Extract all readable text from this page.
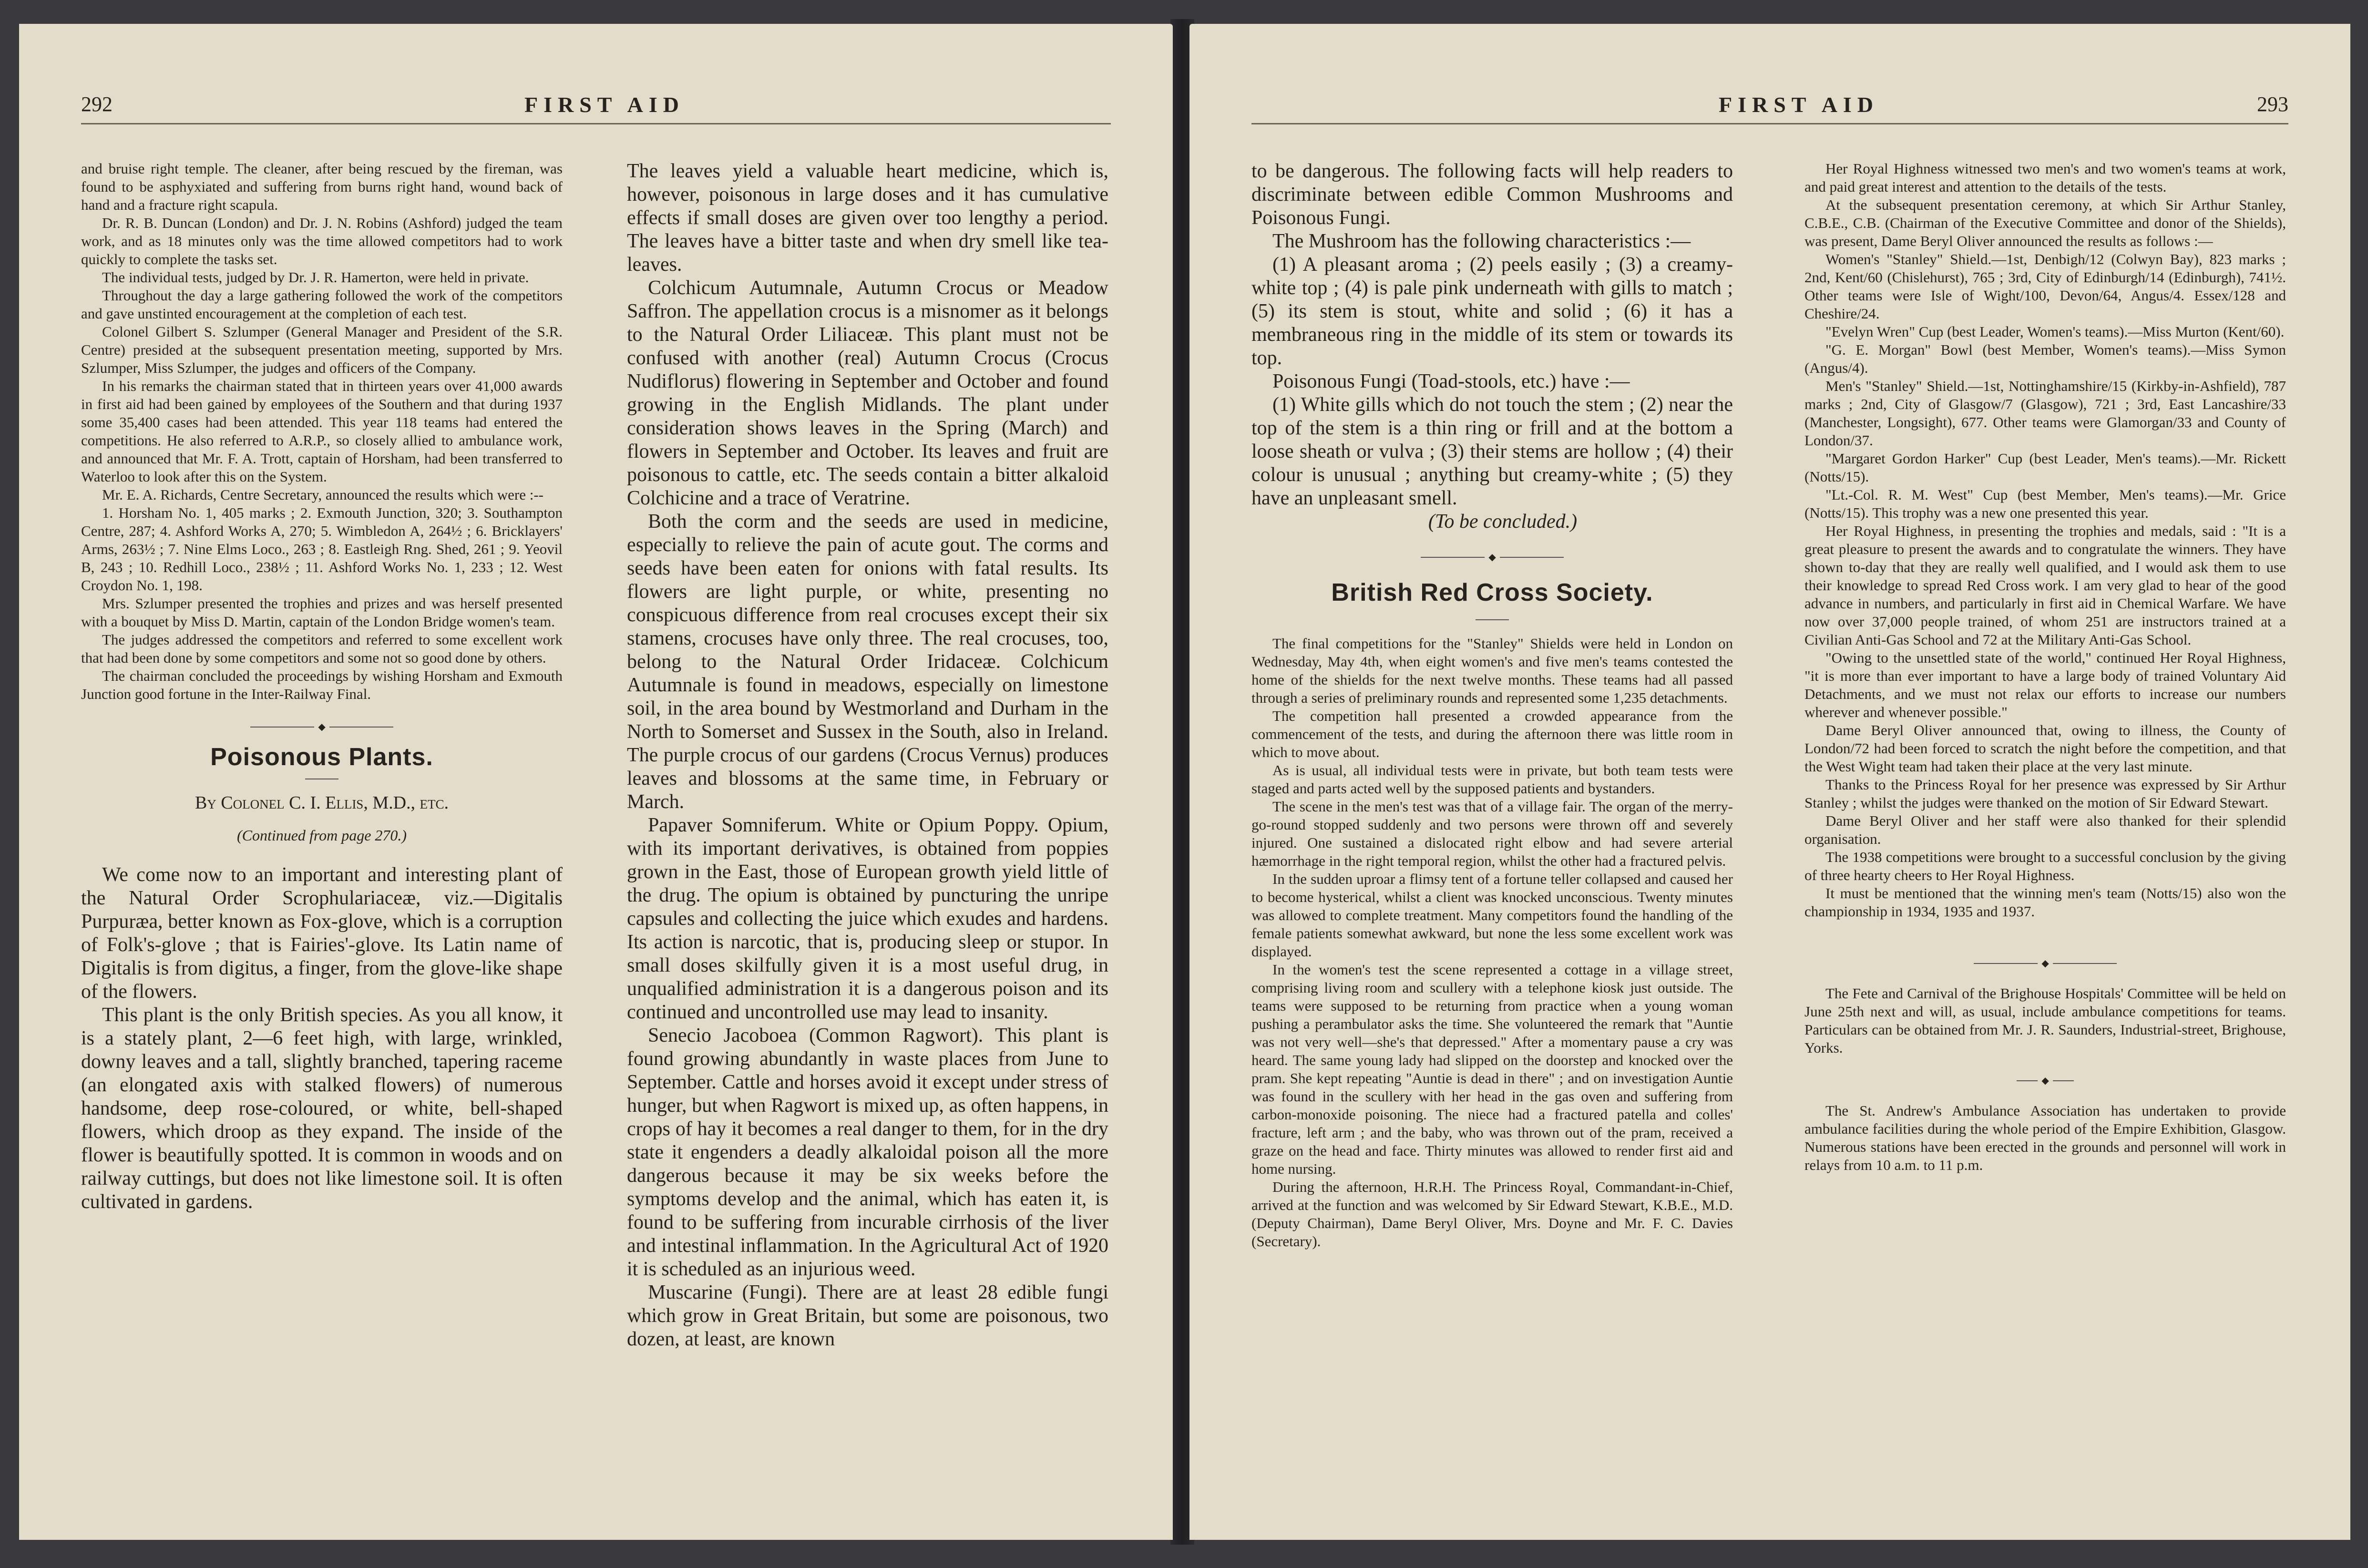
292	FIRST AID

and bruise right temple. The cleaner, after being rescued by the fireman, was found to be asphyxiated and suffering from burns right hand, wound back of hand and a fracture right scapula.

Dr. R. B. Duncan (London) and Dr. J. N. Robins (Ashford) judged the team work, and as 18 minutes only was the time allowed competitors had to work quickly to complete the tasks set.

The individual tests, judged by Dr. J. R. Hamerton, were held in private.

Throughout the day a large gathering followed the work of the competitors and gave unstinted encouragement at the completion of each test.

Colonel Gilbert S. Szlumper (General Manager and President of the S.R. Centre) presided at the subsequent presentation meeting, supported by Mrs. Szlumper, Miss Szlumper, the judges and officers of the Company.

In his remarks the chairman stated that in thirteen years over 41,000 awards in first aid had been gained by employees of the Southern and that during 1937 some 35,400 cases had been attended. This year 118 teams had entered the competitions. He also referred to A.R.P., so closely allied to ambulance work, and announced that Mr. F. A. Trott, captain of Horsham, had been transferred to Waterloo to look after this on the System.

Mr. E. A. Richards, Centre Secretary, announced the results which were :--

1. Horsham No. 1, 405 marks ; 2. Exmouth Junction, 320; 3. Southampton Centre, 287; 4. Ashford Works A, 270; 5. Wimbledon A, 264½ ; 6. Bricklayers' Arms, 263½ ; 7. Nine Elms Loco., 263 ; 8. Eastleigh Rng. Shed, 261 ; 9. Yeovil B, 243 ; 10. Redhill Loco., 238½ ; 11. Ashford Works No. 1, 233 ; 12. West Croydon No. 1, 198.

Mrs. Szlumper presented the trophies and prizes and was herself presented with a bouquet by Miss D. Martin, captain of the London Bridge women's team.

The judges addressed the competitors and referred to some excellent work that had been done by some competitors and some not so good done by others.

The chairman concluded the proceedings by wishing Horsham and Exmouth Junction good fortune in the Inter-Railway Final.

◆
Poisonous Plants.
By Colonel C. I. Ellis, M.D., etc.
(Continued from page 270.)

We come now to an important and interesting plant of the Natural Order Scrophulariaceæ, viz.—Digitalis Purpuræa, better known as Fox-glove, which is a corruption of Folk's-glove ; that is Fairies'-glove. Its Latin name of Digitalis is from digitus, a finger, from the glove-like shape of the flowers.

This plant is the only British species. As you all know, it is a stately plant, 2—6 feet high, with large, wrinkled, downy leaves and a tall, slightly branched, tapering raceme (an elongated axis with stalked flowers) of numerous handsome, deep rose-coloured, or white, bell-shaped flowers, which droop as they expand. The inside of the flower is beautifully spotted. It is common in woods and on railway cuttings, but does not like limestone soil. It is often cultivated in gardens.

The leaves yield a valuable heart medicine, which is, however, poisonous in large doses and it has cumulative effects if small doses are given over too lengthy a period. The leaves have a bitter taste and when dry smell like tea-leaves.

Colchicum Autumnale, Autumn Crocus or Meadow Saffron. The appellation crocus is a misnomer as it belongs to the Natural Order Liliaceæ. This plant must not be confused with another (real) Autumn Crocus (Crocus Nudiflorus) flowering in September and October and found growing in the English Midlands. The plant under consideration shows leaves in the Spring (March) and flowers in September and October. Its leaves and fruit are poisonous to cattle, etc. The seeds contain a bitter alkaloid Colchicine and a trace of Veratrine.

Both the corm and the seeds are used in medicine, especially to relieve the pain of acute gout. The corms and seeds have been eaten for onions with fatal results. Its flowers are light purple, or white, presenting no conspicuous difference from real crocuses except their six stamens, crocuses have only three. The real crocuses, too, belong to the Natural Order Iridaceæ. Colchicum Autumnale is found in meadows, especially on limestone soil, in the area bound by Westmorland and Durham in the North to Somerset and Sussex in the South, also in Ireland. The purple crocus of our gardens (Crocus Vernus) produces leaves and blossoms at the same time, in February or March.

Papaver Somniferum. White or Opium Poppy. Opium, with its important derivatives, is obtained from poppies grown in the East, those of European growth yield little of the drug. The opium is obtained by puncturing the unripe capsules and collecting the juice which exudes and hardens. Its action is narcotic, that is, producing sleep or stupor. In small doses skilfully given it is a most useful drug, in unqualified administration it is a dangerous poison and its continued and uncontrolled use may lead to insanity.

Senecio Jacoboea (Common Ragwort). This plant is found growing abundantly in waste places from June to September. Cattle and horses avoid it except under stress of hunger, but when Ragwort is mixed up, as often happens, in crops of hay it becomes a real danger to them, for in the dry state it engenders a deadly alkaloidal poison all the more dangerous because it may be six weeks before the symptoms develop and the animal, which has eaten it, is found to be suffering from incurable cirrhosis of the liver and intestinal inflammation. In the Agricultural Act of 1920 it is scheduled as an injurious weed.

Muscarine (Fungi). There are at least 28 edible fungi which grow in Great Britain, but some are poisonous, two dozen, at least, are known

FIRST AID	293

to be dangerous. The following facts will help readers to discriminate between edible Common Mushrooms and Poisonous Fungi.

The Mushroom has the following characteristics :—

(1) A pleasant aroma ; (2) peels easily ; (3) a creamy-white top ; (4) is pale pink underneath with gills to match ; (5) its stem is stout, white and solid ; (6) it has a membraneous ring in the middle of its stem or towards its top.

Poisonous Fungi (Toad-stools, etc.) have :—

(1) White gills which do not touch the stem ; (2) near the top of the stem is a thin ring or frill and at the bottom a loose sheath or vulva ; (3) their stems are hollow ; (4) their colour is unusual ; anything but creamy-white ; (5) they have an unpleasant smell.

(To be concluded.)

◆
British Red Cross Society.

The final competitions for the "Stanley" Shields were held in London on Wednesday, May 4th, when eight women's and five men's teams contested the home of the shields for the next twelve months. These teams had all passed through a series of preliminary rounds and represented some 1,235 detachments.

The competition hall presented a crowded appearance from the commencement of the tests, and during the afternoon there was little room in which to move about.

As is usual, all individual tests were in private, but both team tests were staged and parts acted well by the supposed patients and bystanders.

The scene in the men's test was that of a village fair. The organ of the merry-go-round stopped suddenly and two persons were thrown off and severely injured. One sustained a dislocated right elbow and had severe arterial hæmorrhage in the right temporal region, whilst the other had a fractured pelvis.

In the sudden uproar a flimsy tent of a fortune teller collapsed and caused her to become hysterical, whilst a client was knocked unconscious. Twenty minutes was allowed to complete treatment. Many competitors found the handling of the female patients somewhat awkward, but none the less some excellent work was displayed.

In the women's test the scene represented a cottage in a village street, comprising living room and scullery with a telephone kiosk just outside. The teams were supposed to be returning from practice when a young woman pushing a perambulator asks the time. She volunteered the remark that "Auntie was not very well—she's that depressed." After a momentary pause a cry was heard. The same young lady had slipped on the doorstep and knocked over the pram. She kept repeating "Auntie is dead in there" ; and on investigation Auntie was found in the scullery with her head in the gas oven and suffering from carbon-monoxide poisoning. The niece had a fractured patella and colles' fracture, left arm ; and the baby, who was thrown out of the pram, received a graze on the head and face. Thirty minutes was allowed to render first aid and home nursing.

During the afternoon, H.R.H. The Princess Royal, Commandant-in-Chief, arrived at the function and was welcomed by Sir Edward Stewart, K.B.E., M.D. (Deputy Chairman), Dame Beryl Oliver, Mrs. Doyne and Mr. F. C. Davies (Secretary).

Her Royal Highness witnessed two men's and two women's teams at work, and paid great interest and attention to the details of the tests.

At the subsequent presentation ceremony, at which Sir Arthur Stanley, C.B.E., C.B. (Chairman of the Executive Committee and donor of the Shields), was present, Dame Beryl Oliver announced the results as follows :—

Women's "Stanley" Shield.—1st, Denbigh/12 (Colwyn Bay), 823 marks ; 2nd, Kent/60 (Chislehurst), 765 ; 3rd, City of Edinburgh/14 (Edinburgh), 741½. Other teams were Isle of Wight/100, Devon/64, Angus/4. Essex/128 and Cheshire/24.

"Evelyn Wren" Cup (best Leader, Women's teams).—Miss Murton (Kent/60).

"G. E. Morgan" Bowl (best Member, Women's teams).—Miss Symon (Angus/4).

Men's "Stanley" Shield.—1st, Nottinghamshire/15 (Kirkby-in-Ashfield), 787 marks ; 2nd, City of Glasgow/7 (Glasgow), 721 ; 3rd, East Lancashire/33 (Manchester, Longsight), 677. Other teams were Glamorgan/33 and County of London/37.

"Margaret Gordon Harker" Cup (best Leader, Men's teams).—Mr. Rickett (Notts/15).

"Lt.-Col. R. M. West" Cup (best Member, Men's teams).—Mr. Grice (Notts/15). This trophy was a new one presented this year.

Her Royal Highness, in presenting the trophies and medals, said : "It is a great pleasure to present the awards and to congratulate the winners. They have shown to-day that they are really well qualified, and I would ask them to use their knowledge to spread Red Cross work. I am very glad to hear of the good advance in numbers, and particularly in first aid in Chemical Warfare. We have now over 37,000 people trained, of whom 251 are instructors trained at a Civilian Anti-Gas School and 72 at the Military Anti-Gas School.

"Owing to the unsettled state of the world," continued Her Royal Highness, "it is more than ever important to have a large body of trained Voluntary Aid Detachments, and we must not relax our efforts to increase our numbers wherever and whenever possible."

Dame Beryl Oliver announced that, owing to illness, the County of London/72 had been forced to scratch the night before the competition, and that the West Wight team had taken their place at the very last minute.

Thanks to the Princess Royal for her presence was expressed by Sir Arthur Stanley ; whilst the judges were thanked on the motion of Sir Edward Stewart.

Dame Beryl Oliver and her staff were also thanked for their splendid organisation.

The 1938 competitions were brought to a successful conclusion by the giving of three hearty cheers to Her Royal Highness.

It must be mentioned that the winning men's team (Notts/15) also won the championship in 1934, 1935 and 1937.

◆

The Fete and Carnival of the Brighouse Hospitals' Committee will be held on June 25th next and will, as usual, include ambulance competitions for teams. Particulars can be obtained from Mr. J. R. Saunders, Industrial-street, Brighouse, Yorks.

◆

The St. Andrew's Ambulance Association has undertaken to provide ambulance facilities during the whole period of the Empire Exhibition, Glasgow. Numerous stations have been erected in the grounds and personnel will work in relays from 10 a.m. to 11 p.m.
